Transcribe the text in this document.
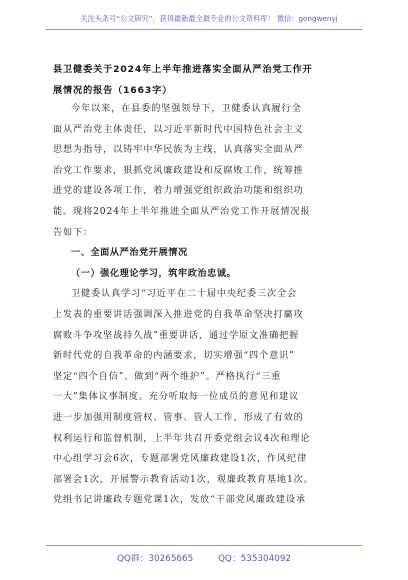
关注头条号“公文研究”，获得最新最全最专业的公文资料库！ 微信：gongwenyj
县卫健委关于2024年上半年推进落实全面从严治党工作开
展情况的报告（1663字）
今年以来，在县委的坚强领导下，卫健委认真履行全
面从严治党主体责任，以习近平新时代中国特色社会主义
思想为指导，以铸牢中华民族为主线，认真落实全面从严
治党工作要求，狠抓党风廉政建设和反腐败工作，统筹推
进党的建设各项工作，着力增强党组织政治功能和组织功
能。现将2024年上半年推进全面从严治党工作开展情况报
告如下：
一、全面从严治党开展情况
（一）强化理论学习，筑牢政治忠诚。
卫健委认真学习“习近平在二十届中央纪委三次全会
上发表的重要讲话强调深入推进党的自我革命坚决打赢攻
腐败斗争攻坚战持久战”重要讲话，通过学原文准确把握
新时代党的自我革命的内涵要求，切实增强“四个意识”
坚定“四个自信”、做到“两个维护”。严格执行“三重
一大”集体议事制度。充分听取每一位成员的意见和建议
进一步加强用制度管权、管事、管人工作，形成了有效的
权利运行和监督机制，上半年共召开委党组会议4次和理论
中心组学习会6次，专题部署党风廉政建设1次，作风纪律
部署会1次，开展警示教育活动1次，观廉政教育基地1次。
党组书记讲廉政专题党课1次，发放“干部党风廉政建设承
QQ群：30265665	QQ：535304092
